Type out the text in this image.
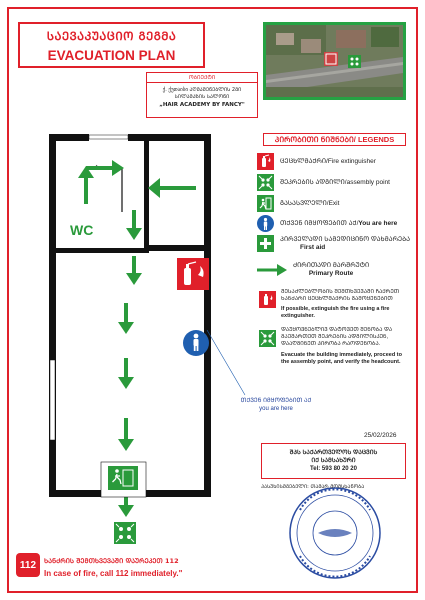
ᲡᲐᲔᲕᲐᲙᲣᲐᲪᲘᲝ ᲒᲔᲒᲛᲐ
EVACUATION PLAN
ᲝᲑᲘᲔᲥᲢᲘ
ქ. ქუთაისი ᲐᲦᲛᲐᲨᲔᲜᲔᲑᲚᲘᲡ 2ᲒᲘ
ᲡᲘᲚᲐᲛᲐᲖᲘᲡ ᲡᲐᲚᲝᲜᲘ
„HAIR ACADEMY BY FANCY"
ᲞᲘᲠᲝᲑᲘᲗᲘ ᲜᲘᲨᲜᲔᲑᲘ/ LEGENDS
ᲪᲔᲪᲮᲚᲛᲐᲥᲠᲘ/Fire extinguisher
ᲨᲔᲙᲠᲔᲑᲘᲡ ᲐᲓᲒᲘᲚᲘ/assembly point
ᲒᲐᲡᲐᲡᲕᲚᲔᲚᲘ/Exit
ᲗᲥᲕᲔᲜ ᲘᲛᲧᲝᲤᲔᲑᲘᲗ ᲐᲥ/You are here
ᲞᲘᲠᲕᲔᲚᲐᲓᲘ ᲡᲐᲛᲔᲓᲘᲪᲘᲜᲝ ᲓᲐᲮᲛᲐᲠᲔᲑᲐ
First aid
ᲫᲘᲠᲘᲗᲐᲓᲘ ᲛᲐᲠᲨᲠᲣᲢᲘ
Primary Route
ᲨᲔᲡᲐᲫᲚᲔᲑᲚᲝᲑᲘᲡ ᲨᲔᲛᲗᲮᲕᲔᲕᲐᲨᲘ ᲩᲐᲥᲠᲔᲗ ᲮᲐᲜᲫᲐᲠᲘ ᲪᲔᲪᲮᲚᲛᲐᲥᲠᲘᲡ ᲒᲐᲛᲝᲧᲔᲜᲔᲑᲘᲗ
If possible, extinguish the fire using a fire extinguisher.
ᲓᲐᲣᲧᲝᲕᲜᲔᲑᲚᲘᲕ ᲓᲐᲢᲝᲕᲔᲗ ᲨᲔᲜᲝᲑᲐ ᲓᲐ ᲒᲐᲔᲛᲐᲠᲗᲔᲗ ᲨᲔᲙᲠᲔᲑᲘᲡ ᲐᲓᲒᲘᲚᲘᲡᲙᲔᲜ, ᲓᲐᲐᲦᲒᲘᲜᲔᲗ ᲞᲘᲠᲝᲑᲐ ᲠᲐᲝᲓᲔᲜᲝᲑᲐ.
Evacuate the building immediately, proceed to the assembly point, and verify the headcount.
WC
ᲗᲥᲕᲔᲜ ᲘᲛᲧᲝᲤᲔᲑᲘᲗ ᲐᲥ
you are here
25/02/2026
ᲨᲞᲡ ᲡᲐᲥᲐᲠᲗᲕᲔᲚᲝᲡ ᲓᲐᲪᲕᲘᲡ
ᲘᲥ ᲡᲐᲛᲡᲐᲮᲣᲠᲘ
Tel: 593 80 20 20
ᲞᲐᲡᲣᲮᲘᲡᲛᲒᲔᲑᲔᲚᲘ: ᲗᲐᲛᲐᲠ ᲛᲝᲛᲡᲮᲐᲜᲝᲑᲐ
112	ᲮᲐᲜᲫᲠᲘᲡ ᲨᲔᲛᲗᲮᲕᲔᲕᲐᲨᲘ ᲓᲐᲣᲠᲔᲙᲔᲗ 112
In case of fire, call 112 immediately."
